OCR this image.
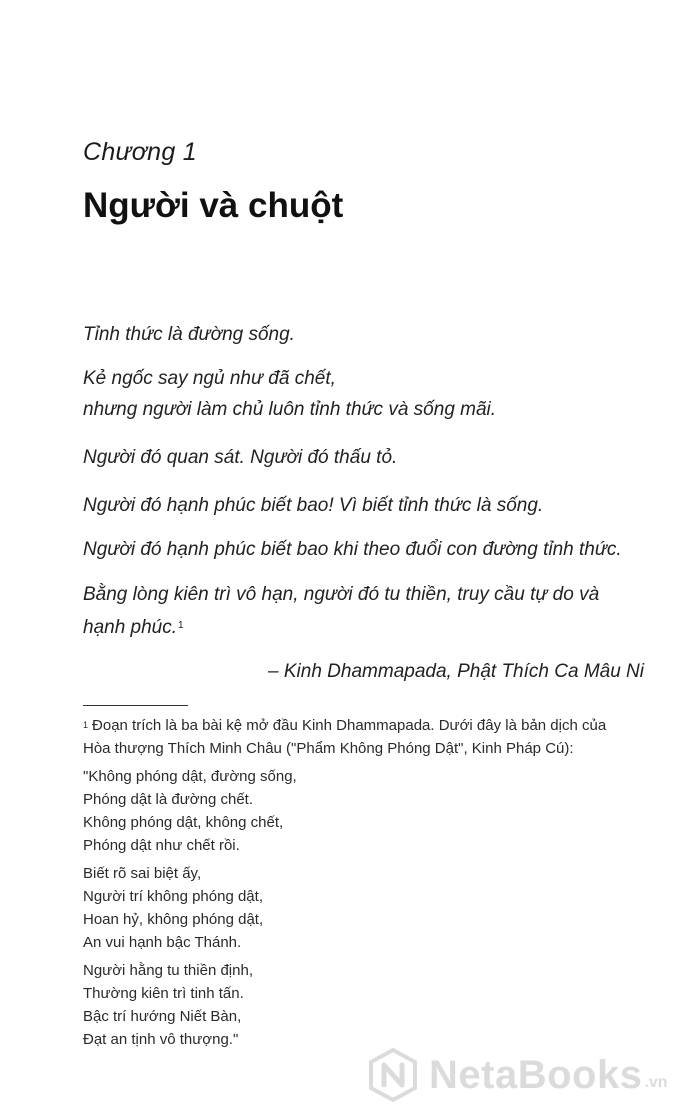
Chương 1
Người và chuột
Tỉnh thức là đường sống.
Kẻ ngốc say ngủ như đã chết,
nhưng người làm chủ luôn tỉnh thức và sống mãi.
Người đó quan sát. Người đó thấu tỏ.
Người đó hạnh phúc biết bao! Vì biết tỉnh thức là sống.
Người đó hạnh phúc biết bao khi theo đuổi con đường tỉnh thức.
Bằng lòng kiên trì vô hạn, người đó tu thiền, truy cầu tự do và
hạnh phúc.$^1$
– Kinh Dhammapada, Phật Thích Ca Mâu Ni
$^1$ Đoạn trích là ba bài kệ mở đầu Kinh Dhammapada. Dưới đây là bản dịch của
Hòa thượng Thích Minh Châu ("Phẩm Không Phóng Dật", Kinh Pháp Cú):
"Không phóng dật, đường sống,
Phóng dật là đường chết.
Không phóng dật, không chết,
Phóng dật như chết rồi.
Biết rõ sai biệt ấy,
Người trí không phóng dật,
Hoan hỷ, không phóng dật,
An vui hạnh bậc Thánh.
Người hằng tu thiền định,
Thường kiên trì tinh tấn.
Bậc trí hướng Niết Bàn,
Đạt an tịnh vô thượng."
NetaBooks .vn
